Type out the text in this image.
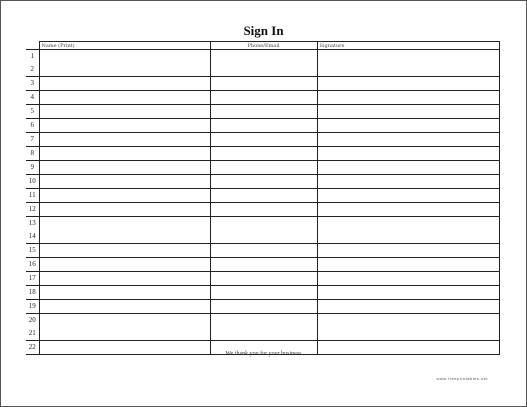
Sign In
	Name (Print)	Phone/Email	Signature

1
2			

3			

4			

5			

6			

7			

8			

9			

10			

11			

12			

13
14			

15			

16			

17			

18			

19			

20
21			

22			

We thank you for your business
www.freeprintables.net
